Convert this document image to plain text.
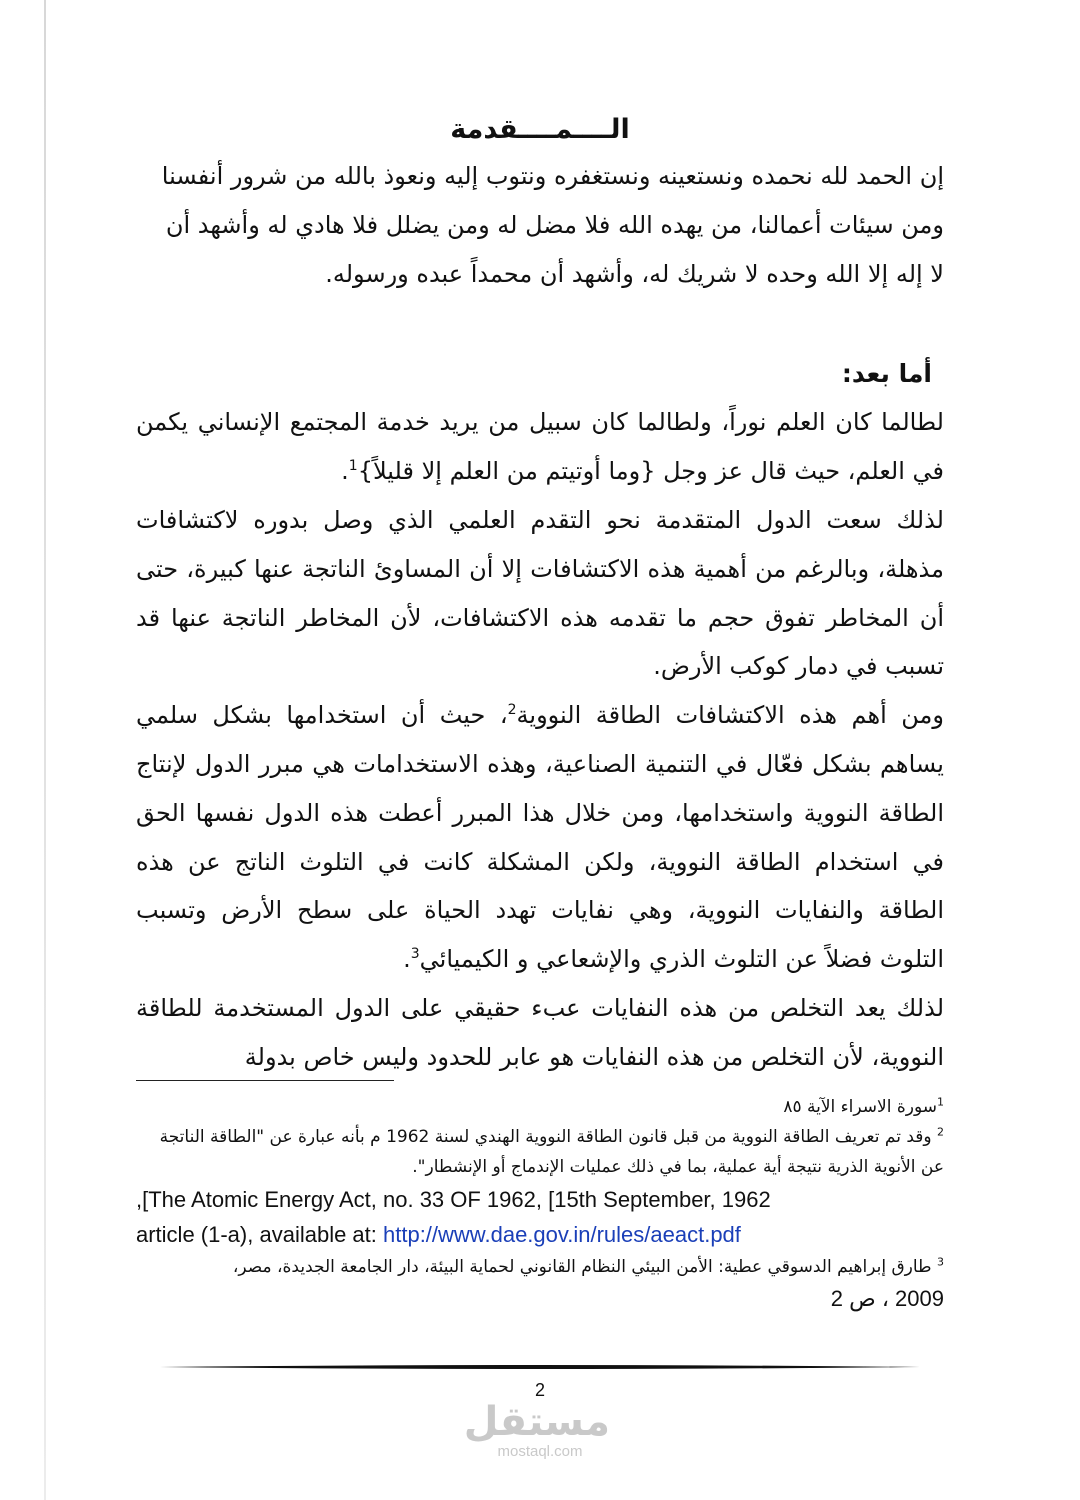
الــــمــــقدمة

إن الحمد لله نحمده ونستعينه ونستغفره ونتوب إليه ونعوذ بالله من شرور أنفسنا

ومن سيئات أعمالنا، من يهده الله فلا مضل له ومن يضلل فلا هادي له وأشهد أن

لا إله إلا الله وحده لا شريك له، وأشهد أن محمداً عبده ورسوله.

أما بعد:

لطالما كان العلم نوراً، ولطالما كان سبيل من يريد خدمة المجتمع الإنساني يكمن في العلم، حيث قال عز وجل {وما أوتيتم من العلم إلا قليلاً}$^1$.

لذلك سعت الدول المتقدمة نحو التقدم العلمي الذي وصل بدوره لاكتشافات مذهلة، وبالرغم من أهمية هذه الاكتشافات إلا أن المساوئ الناتجة عنها كبيرة، حتى أن المخاطر تفوق حجم ما تقدمه هذه الاكتشافات، لأن المخاطر الناتجة عنها قد تسبب في دمار كوكب الأرض.

ومن أهم هذه الاكتشافات الطاقة النووية$^2$، حيث أن استخدامها بشكل سلمي يساهم بشكل فعّال في التنمية الصناعية، وهذه الاستخدامات هي مبرر الدول لإنتاج الطاقة النووية واستخدامها، ومن خلال هذا المبرر أعطت هذه الدول نفسها الحق في استخدام الطاقة النووية، ولكن المشكلة كانت في التلوث الناتج عن هذه الطاقة والنفايات النووية، وهي نفايات تهدد الحياة على سطح الأرض وتسبب التلوث فضلاً عن التلوث الذري والإشعاعي و الكيميائي$^3$.

لذلك يعد التخلص من هذه النفايات عبء حقيقي على الدول المستخدمة للطاقة النووية، لأن التخلص من هذه النفايات هو عابر للحدود وليس خاص بدولة

$^1$سورة الاسراء الآية ٨٥

$^2$ وقد تم تعريف الطاقة النووية من قبل قانون الطاقة النووية الهندي لسنة 1962 م بأنه عبارة عن "الطاقة الناتجة عن الأنوية الذرية نتيجة أية عملية، بما في ذلك عمليات الإندماج أو الإنشطار".

,[The Atomic Energy Act, no. 33 OF 1962, [15th September, 1962

article (1-a), available at: http://www.dae.gov.in/rules/aeact.pdf

$^3$ طارق إبراهيم الدسوقي عطية: الأمن البيئي النظام القانوني لحماية البيئة، دار الجامعة الجديدة، مصر،

2009 ، ص 2

2
مستقل
mostaql.com
